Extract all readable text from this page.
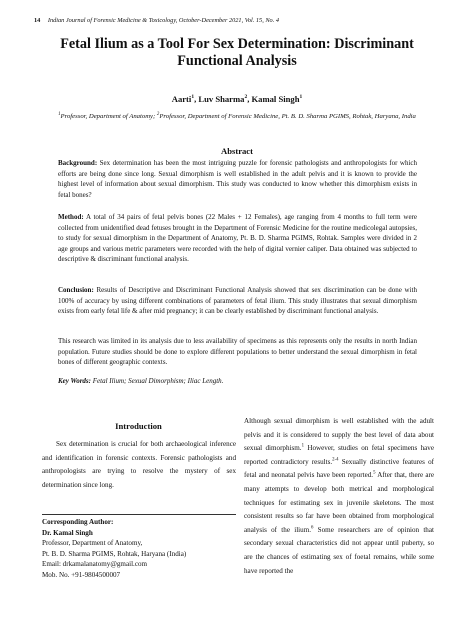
14 Indian Journal of Forensic Medicine & Toxicology, October-December 2021, Vol. 15, No. 4
Fetal Ilium as a Tool For Sex Determination: Discriminant Functional Analysis
Aarti$^1$, Luv Sharma$^2$, Kamal Singh$^1$
$^1$Professor, Department of Anatomy; $^2$Professor, Department of Forensic Medicine, Pt. B. D. Sharma PGIMS, Rohtak, Haryana, India
Abstract

Background: Sex determination has been the most intriguing puzzle for forensic pathologists and anthropologists for which efforts are being done since long. Sexual dimorphism is well established in the adult pelvis and it is known to provide the highest level of information about sexual dimorphism. This study was conducted to know whether this dimorphism exists in fetal bones?

Method: A total of 34 pairs of fetal pelvis bones (22 Males + 12 Females), age ranging from 4 months to full term were collected from unidentified dead fetuses brought in the Department of Forensic Medicine for the routine medicolegal autopsies, to study for sexual dimorphism in the Department of Anatomy, Pt. B. D. Sharma PGIMS, Rohtak. Samples were divided in 2 age groups and various metric parameters were recorded with the help of digital vernier caliper. Data obtained was subjected to descriptive & discriminant functional analysis.

Conclusion: Results of Descriptive and Discriminant Functional Analysis showed that sex discrimination can be done with 100% of accuracy by using different combinations of parameters of fetal ilium. This study illustrates that sexual dimorphism exists from early fetal life & after mid pregnancy; it can be clearly established by discriminant functional analysis.

This research was limited in its analysis due to less availability of specimens as this represents only the results in north Indian population. Future studies should be done to explore different populations to better understand the sexual dimorphism in fetal bones of different geographic contexts.

Key Words: Fetal Ilium; Sexual Dimorphism; Iliac Length.

Introduction

Sex determination is crucial for both archaeological inference and identification in forensic contexts. Forensic pathologists and anthropologists are trying to resolve the mystery of sex determination since long.

Corresponding Author:
Dr. Kamal Singh
Professor, Department of Anatomy,
Pt. B. D. Sharma PGIMS, Rohtak, Haryana (India)
Email: drkamalanatomy@gmail.com
Mob. No. +91-9804500007

Although sexual dimorphism is well established with the adult pelvis and it is considered to supply the best level of data about sexual dimorphism.$^1$ However, studies on fetal specimens have reported contradictory results.$^{2-4}$ Sexually distinctive features of fetal and neonatal pelvis have been reported.$^5$ After that, there are many attempts to develop both metrical and morphological techniques for estimating sex in juvenile skeletons. The most consistent results so far have been obtained from morphological analysis of the ilium.$^6$ Some researchers are of opinion that secondary sexual characteristics did not appear until puberty, so are the chances of estimating sex of foetal remains, while some have reported the
